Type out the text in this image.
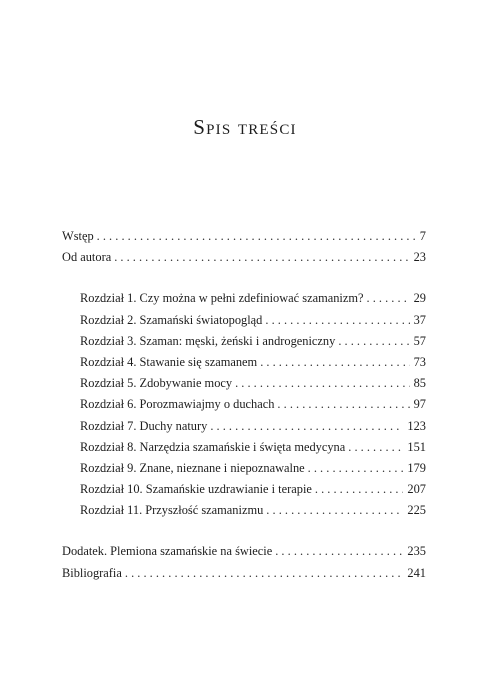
Spis treści
Wstęp . . .	7
Od autora . . .	23
Rozdział 1. Czy można w pełni zdefiniować szamanizm? . . .	29
Rozdział 2. Szamański światopogląd . . .	37
Rozdział 3. Szaman: męski, żeński i androgeniczny . . .	57
Rozdział 4. Stawanie się szamanem . . .	73
Rozdział 5. Zdobywanie mocy . . .	85
Rozdział 6. Porozmawiajmy o duchach . . .	97
Rozdział 7. Duchy natury . . .	123
Rozdział 8. Narzędzia szamańskie i święta medycyna . . .	151
Rozdział 9. Znane, nieznane i niepoznawalne . . .	179
Rozdział 10. Szamańskie uzdrawianie i terapie . . .	207
Rozdział 11. Przyszłość szamanizmu . . .	225
Dodatek. Plemiona szamańskie na świecie . . .	235
Bibliografia . . .	241
